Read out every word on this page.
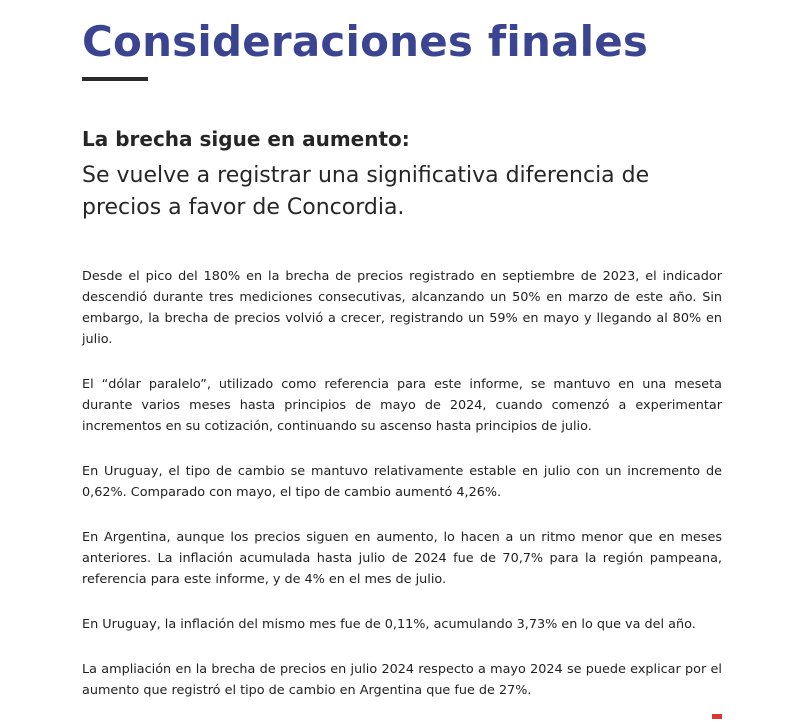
Consideraciones finales
La brecha sigue en aumento:

Se vuelve a registrar una significativa diferencia de precios a favor de Concordia.

Desde el pico del 180% en la brecha de precios registrado en septiembre de 2023, el indicador descendió durante tres mediciones consecutivas, alcanzando un 50% en marzo de este año. Sin embargo, la brecha de precios volvió a crecer, registrando un 59% en mayo y llegando al 80% en julio.

El “dólar paralelo”, utilizado como referencia para este informe, se mantuvo en una meseta durante varios meses hasta principios de mayo de 2024, cuando comenzó a experimentar incrementos en su cotización, continuando su ascenso hasta principios de julio.

En Uruguay, el tipo de cambio se mantuvo relativamente estable en julio con un incremento de 0,62%. Comparado con mayo, el tipo de cambio aumentó 4,26%.

En Argentina, aunque los precios siguen en aumento, lo hacen a un ritmo menor que en meses anteriores. La inflación acumulada hasta julio de 2024 fue de 70,7% para la región pampeana, referencia para este informe, y de 4% en el mes de julio.

En Uruguay, la inflación del mismo mes fue de 0,11%, acumulando 3,73% en lo que va del año.

La ampliación en la brecha de precios en julio 2024 respecto a mayo 2024 se puede explicar por el aumento que registró el tipo de cambio en Argentina que fue de 27%.
